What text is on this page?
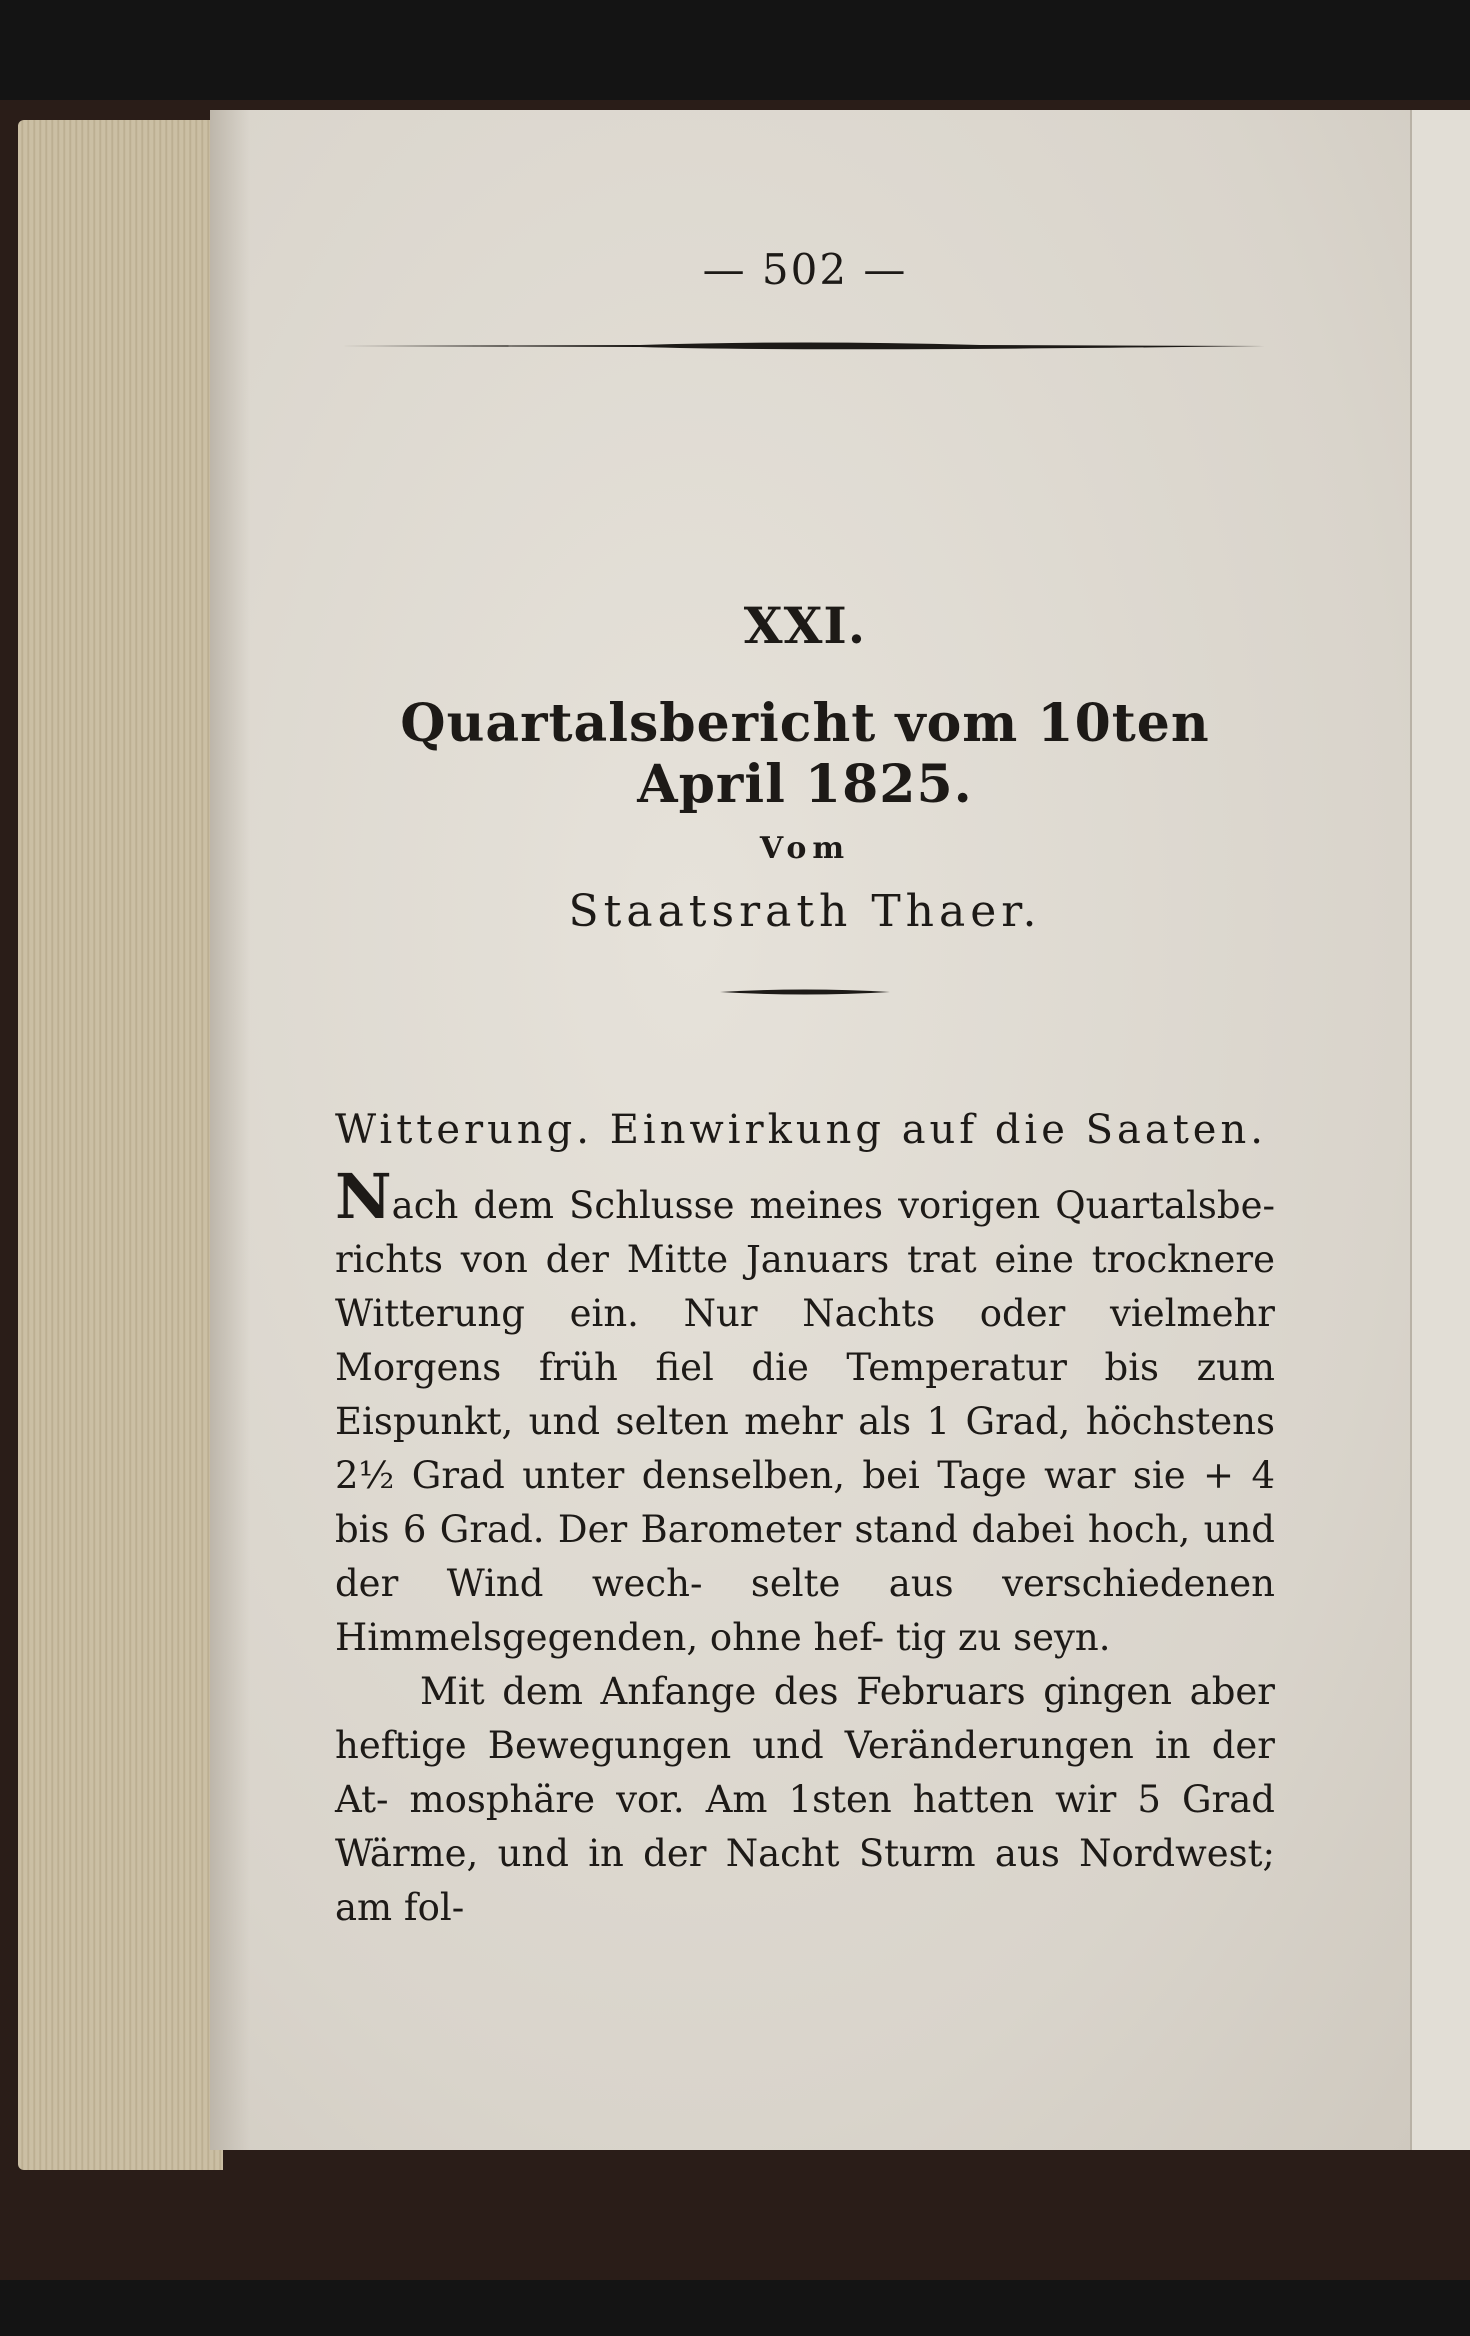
— 502 —
XXI.
Quartalsbericht vom 10ten April 1825.
Vom
Staatsrath Thaer.
Witterung. Einwirkung auf die Saaten.

Nach dem Schlusse meines vorigen Quartalsbe- richts von der Mitte Januars trat eine trocknere Witterung ein. Nur Nachts oder vielmehr Morgens früh fiel die Temperatur bis zum Eispunkt, und selten mehr als 1 Grad, höchstens 2½ Grad unter denselben, bei Tage war sie + 4 bis 6 Grad. Der Barometer stand dabei hoch, und der Wind wech- selte aus verschiedenen Himmelsgegenden, ohne hef- tig zu seyn.

Mit dem Anfange des Februars gingen aber heftige Bewegungen und Veränderungen in der At- mosphäre vor. Am 1sten hatten wir 5 Grad Wärme, und in der Nacht Sturm aus Nordwest; am fol-
